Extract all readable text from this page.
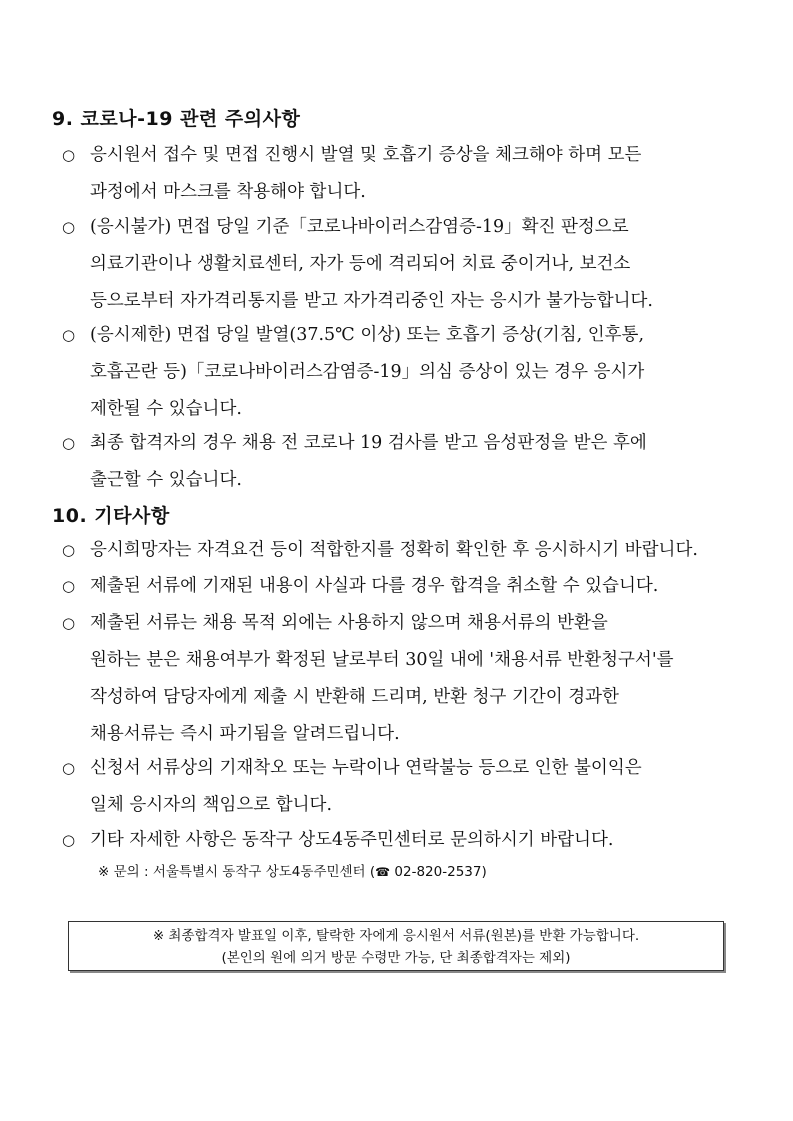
9. 코로나-19 관련 주의사항
○ 응시원서 접수 및 면접 진행시 발열 및 호흡기 증상을 체크해야 하며 모든
과정에서 마스크를 착용해야 합니다.
○ (응시불가) 면접 당일 기준「코로나바이러스감염증-19」확진 판정으로
의료기관이나 생활치료센터, 자가 등에 격리되어 치료 중이거나, 보건소
등으로부터 자가격리통지를 받고 자가격리중인 자는 응시가 불가능합니다.
○ (응시제한) 면접 당일 발열(37.5℃ 이상) 또는 호흡기 증상(기침, 인후통,
호흡곤란 등)「코로나바이러스감염증-19」의심 증상이 있는 경우 응시가
제한될 수 있습니다.
○ 최종 합격자의 경우 채용 전 코로나 19 검사를 받고 음성판정을 받은 후에
출근할 수 있습니다.
10. 기타사항
○ 응시희망자는 자격요건 등이 적합한지를 정확히 확인한 후 응시하시기 바랍니다.
○ 제출된 서류에 기재된 내용이 사실과 다를 경우 합격을 취소할 수 있습니다.
○ 제출된 서류는 채용 목적 외에는 사용하지 않으며 채용서류의 반환을
원하는 분은 채용여부가 확정된 날로부터 30일 내에 '채용서류 반환청구서'를
작성하여 담당자에게 제출 시 반환해 드리며, 반환 청구 기간이 경과한
채용서류는 즉시 파기됨을 알려드립니다.
○ 신청서 서류상의 기재착오 또는 누락이나 연락불능 등으로 인한 불이익은
일체 응시자의 책임으로 합니다.
○ 기타 자세한 사항은 동작구 상도4동주민센터로 문의하시기 바랍니다.
※ 문의 : 서울특별시 동작구 상도4동주민센터 (☎ 02-820-2537)
※ 최종합격자 발표일 이후, 탈락한 자에게 응시원서 서류(원본)를 반환 가능합니다.
(본인의 원에 의거 방문 수령만 가능, 단 최종합격자는 제외)
